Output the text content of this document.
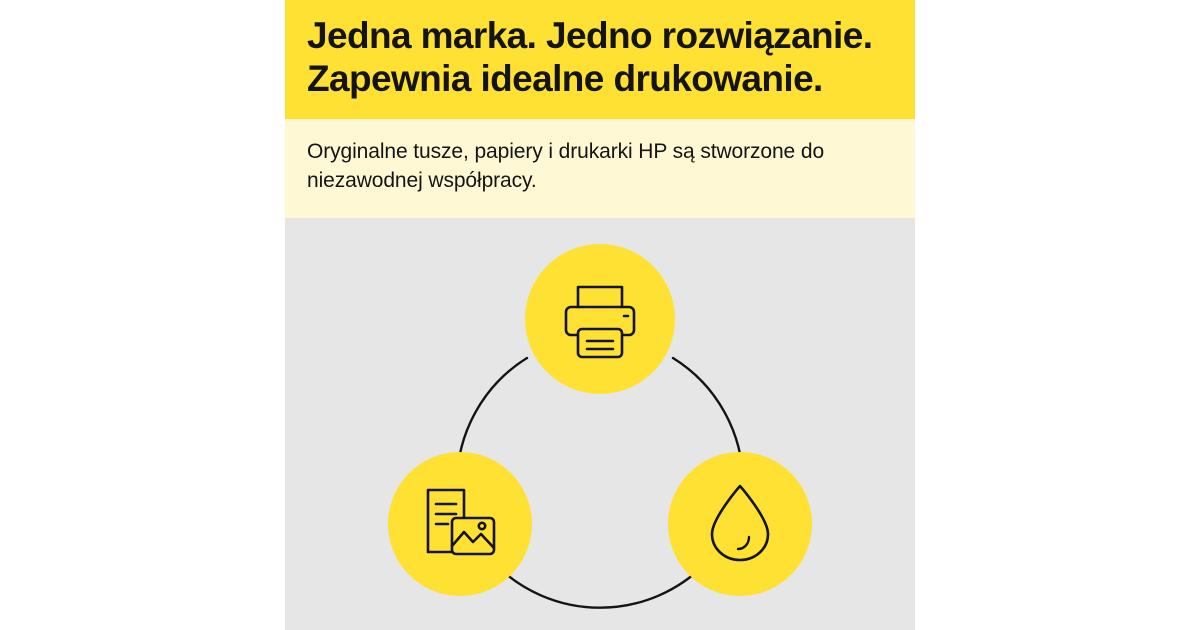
Jedna marka. Jedno rozwiązanie.
Zapewnia idealne drukowanie.

Oryginalne tusze, papiery i drukarki HP są stworzone do
niezawodnej współpracy.
